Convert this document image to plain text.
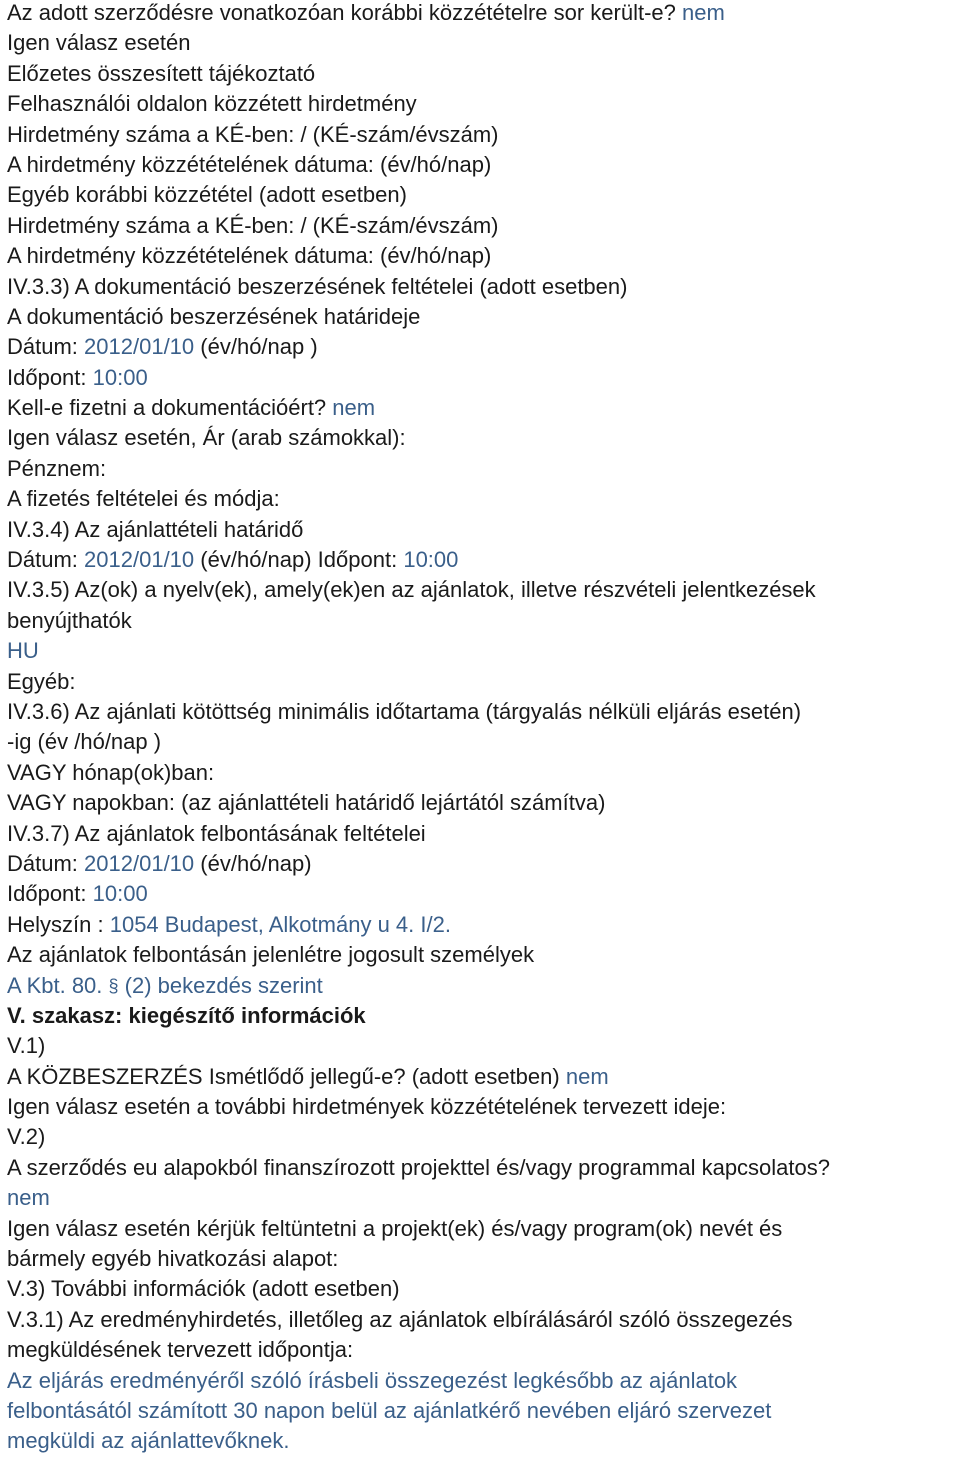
Az adott szerződésre vonatkozóan korábbi közzétételre sor került-e? nem
Igen válasz esetén
Előzetes összesített tájékoztató
Felhasználói oldalon közzétett hirdetmény
Hirdetmény száma a KÉ-ben: / (KÉ-szám/évszám)
A hirdetmény közzétételének dátuma: (év/hó/nap)
Egyéb korábbi közzététel (adott esetben)
Hirdetmény száma a KÉ-ben: / (KÉ-szám/évszám)
A hirdetmény közzétételének dátuma: (év/hó/nap)
IV.3.3) A dokumentáció beszerzésének feltételei (adott esetben)
A dokumentáció beszerzésének határideje
Dátum: 2012/01/10 (év/hó/nap )
Időpont: 10:00
Kell-e fizetni a dokumentációért? nem
Igen válasz esetén, Ár (arab számokkal):
Pénznem:
A fizetés feltételei és módja:
IV.3.4) Az ajánlattételi határidő
Dátum: 2012/01/10 (év/hó/nap) Időpont: 10:00
IV.3.5) Az(ok) a nyelv(ek), amely(ek)en az ajánlatok, illetve részvételi jelentkezések
benyújthatók
HU
Egyéb:
IV.3.6) Az ajánlati kötöttség minimális időtartama (tárgyalás nélküli eljárás esetén)
-ig (év /hó/nap )
VAGY hónap(ok)ban:
VAGY napokban: (az ajánlattételi határidő lejártától számítva)
IV.3.7) Az ajánlatok felbontásának feltételei
Dátum: 2012/01/10 (év/hó/nap)
Időpont: 10:00
Helyszín : 1054 Budapest, Alkotmány u 4. I/2.
Az ajánlatok felbontásán jelenlétre jogosult személyek
A Kbt. 80. § (2) bekezdés szerint
V. szakasz: kiegészítő információk
V.1)
A KÖZBESZERZÉS Ismétlődő jellegű-e? (adott esetben) nem
Igen válasz esetén a további hirdetmények közzétételének tervezett ideje:
V.2)
A szerződés eu alapokból finanszírozott projekttel és/vagy programmal kapcsolatos?
nem
Igen válasz esetén kérjük feltüntetni a projekt(ek) és/vagy program(ok) nevét és
bármely egyéb hivatkozási alapot:
V.3) További információk (adott esetben)
V.3.1) Az eredményhirdetés, illetőleg az ajánlatok elbírálásáról szóló összegezés
megküldésének tervezett időpontja:
Az eljárás eredményéről szóló írásbeli összegezést legkésőbb az ajánlatok
felbontásától számított 30 napon belül az ajánlatkérő nevében eljáró szervezet
megküldi az ajánlattevőknek.
